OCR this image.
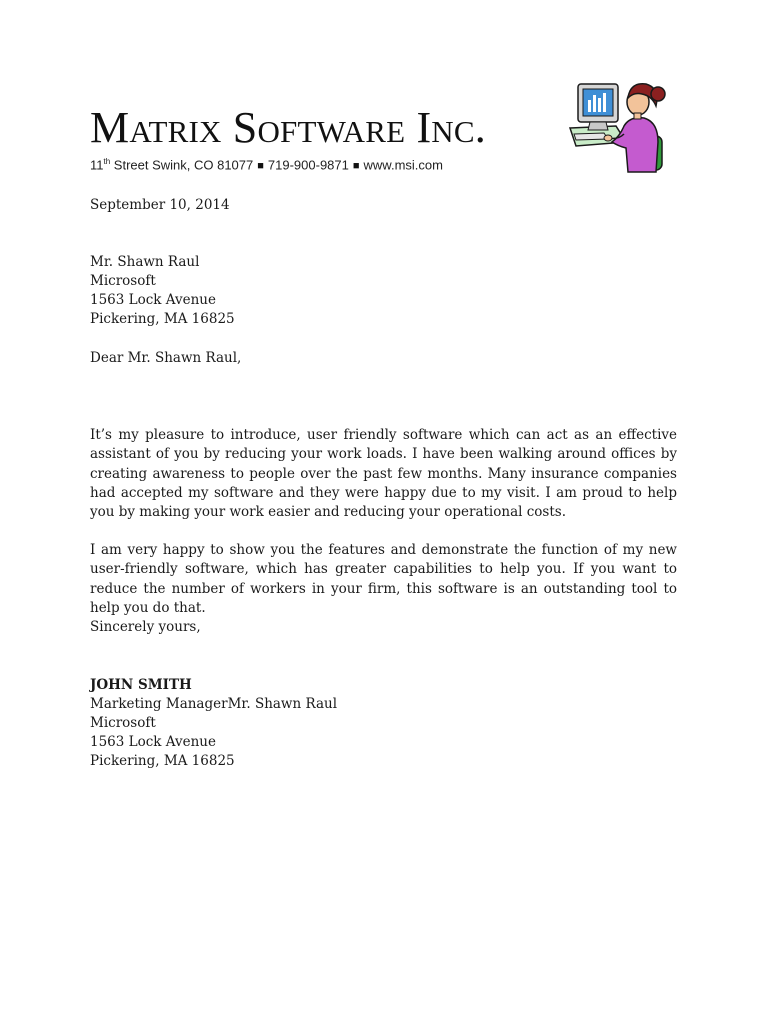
Matrix Software Inc.
11th Street Swink, CO 81077 ■ 719-900-9871 ■ www.msi.com
September 10, 2014
Mr. Shawn Raul
Microsoft
1563 Lock Avenue
Pickering, MA 16825
Dear Mr. Shawn Raul,
It’s my pleasure to introduce, user friendly software which can act as an effective assistant of you by reducing your work loads. I have been walking around offices by creating awareness to people over the past few months. Many insurance companies had accepted my software and they were happy due to my visit. I am proud to help you by making your work easier and reducing your operational costs.
I am very happy to show you the features and demonstrate the function of my new user-friendly software, which has greater capabilities to help you. If you want to reduce the number of workers in your firm, this software is an outstanding tool to help you do that.
Sincerely yours,
JOHN SMITH
Marketing ManagerMr. Shawn Raul
Microsoft
1563 Lock Avenue
Pickering, MA 16825
